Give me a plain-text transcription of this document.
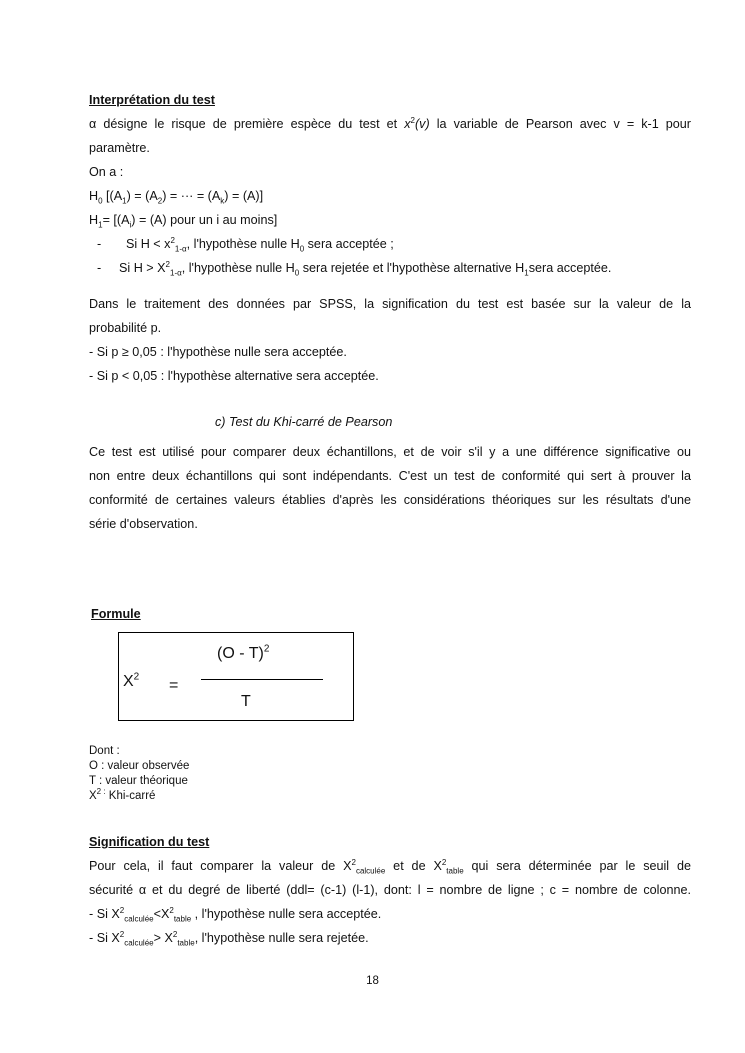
Interprétation du test

α désigne le risque de première espèce du test et $x^2(v)$ la variable de Pearson avec v = k-1 pour

paramètre.

On a :

$H_0$ [$(A_1) = (A_2)$ = ··· = $(A_k) = (A)$]

$H_1= [(A_i) = (A)$ pour un i au moins]

- Si $H < x^2_{1-\alpha}$, l'hypothèse nulle $H_0$ sera acceptée ;

- Si $H > X^2_{1-\alpha}$, l'hypothèse nulle $H_0$ sera rejetée et l'hypothèse alternative $H_1sera$ acceptée.

Dans le traitement des données par SPSS, la signification du test est basée sur la valeur de la

probabilité p.

- Si p ≥ 0,05 : l'hypothèse nulle sera acceptée.

- Si p < 0,05 : l'hypothèse alternative sera acceptée.

c) Test du Khi-carré de Pearson

Ce test est utilisé pour comparer deux échantillons, et de voir s'il y a une différence significative ou

non entre deux échantillons qui sont indépendants. C'est un test de conformité qui sert à prouver la

conformité de certaines valeurs établies d'après les considérations théoriques sur les résultats d'une

série d'observation.

Formule

(O - T)$^2$
T
$X^2$ =

Dont :

O : valeur observée

T : valeur théorique

$X^{2 :}$ Khi-carré

Signification du test

Pour cela, il faut comparer la valeur de $X^2_{calculée}$ et de $X^2_{table}$ qui sera déterminée par le seuil de

sécurité α et du degré de liberté (ddl= (c-1) (l-1), dont: l = nombre de ligne ; c = nombre de colonne.

- Si $X^2_{calculée}<X^2_{table}$ , l'hypothèse nulle sera acceptée.

- Si $X^2_{calculée}> X^2_{table}$, l'hypothèse nulle sera rejetée.

18
